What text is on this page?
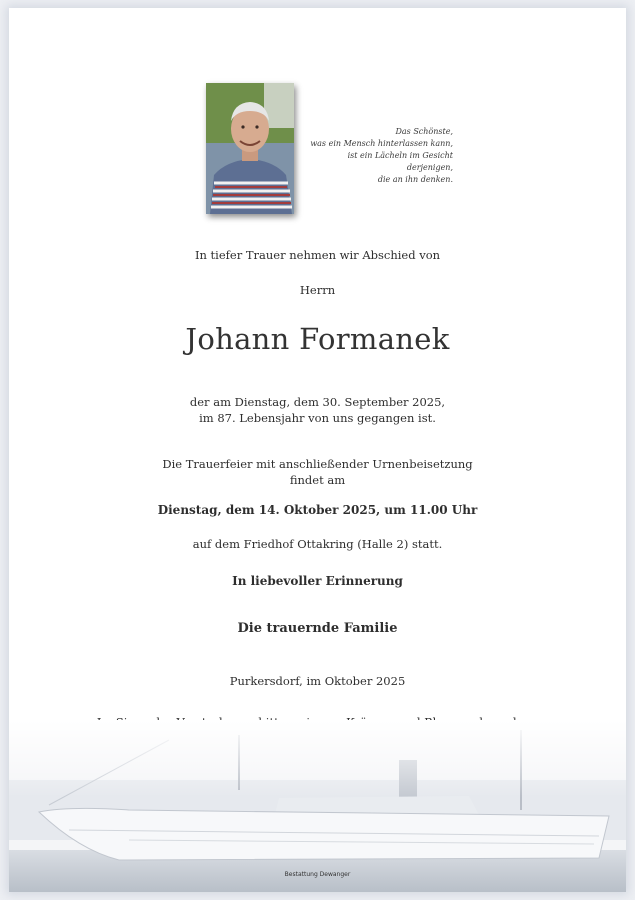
Das Schönste,
was ein Mensch hinterlassen kann,
ist ein Lächeln im Gesicht derjenigen,
die an ihn denken.
In tiefer Trauer nehmen wir Abschied von
Herrn
Johann Formanek
der am Dienstag, dem 30. September 2025,
im 87. Lebensjahr von uns gegangen ist.
Die Trauerfeier mit anschließender Urnenbeisetzung
findet am
Dienstag, dem 14. Oktober 2025, um 11.00 Uhr
auf dem Friedhof Ottakring (Halle 2) statt.
In liebevoller Erinnerung
Die trauernde Familie
Purkersdorf, im Oktober 2025
Bestattung Dewanger
